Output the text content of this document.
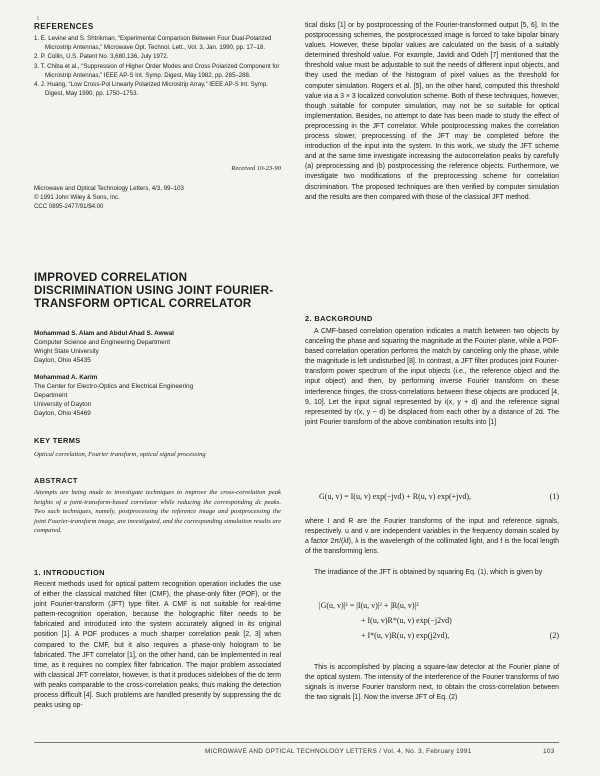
t
REFERENCES

1. E. Levine and S. Shtrikman, “Experimental Comparison Between Four Dual-Polarized Microstrip Antennas,” Microwave Opt. Technol. Lett., Vol. 3, Jan. 1990, pp. 17–18.

2. P. Collin, U.S. Patent No. 3,680,136, July 1972.

3. T. Chiba et al., “Suppression of Higher Order Modes and Cross Polarized Component for Microstrip Antennas,” IEEE AP-S Int. Symp. Digest, May 1982, pp. 285–288.

4. J. Huang, “Low Cross-Pol Linearly Polarized Microstrip Array,” IEEE AP-S Int. Symp. Digest, May 1990, pp. 1750–1753.

Received 10-23-90
Microwave and Optical Technology Letters, 4/3, 99–103
© 1991 John Wiley & Sons, Inc.
CCC 0895-2477/91/$4.00
IMPROVED CORRELATION DISCRIMINATION USING JOINT FOURIER-TRANSFORM OPTICAL CORRELATOR
Mohammad S. Alam and Abdul Ahad S. Awwal
Computer Science and Engineering Department
Wright State University
Dayton, Ohio 45435
Mohammad A. Karim
The Center for Electro-Optics and Electrical Engineering
Department
University of Dayton
Dayton, Ohio 45469
KEY TERMS
Optical correlation, Fourier transform, optical signal processing
ABSTRACT
Attempts are being made to investigate techniques to improve the cross-correlation peak heights of a joint-transform-based correlator while reducing the corresponding dc peaks. Two such techniques, namely, postprocessing the reference image and postprocessing the joint Fourier-transform image, are investigated, and the corresponding simulation results are compared.
1. INTRODUCTION
Recent methods used for optical pattern recognition operation includes the use of either the classical matched filter (CMF), the phase-only filter (POF), or the joint Fourier-transform (JFT) type filter. A CMF is not suitable for real-time pattern-recognition operation, because the holographic filter needs to be fabricated and introduced into the system accurately aligned in its original position [1]. A POF produces a much sharper correlation peak [2, 3] when compared to the CMF, but it also requires a phase-only hologram to be fabricated. The JFT correlator [1], on the other hand, can be implemented in real time, as it requires no complex filter fabrication. The major problem associated with classical JFT correlator, however, is that it produces sidelobes of the dc term with peaks comparable to the cross-correlation peaks, thus making the detection process difficult [4]. Such problems are handled presently by suppressing the dc peaks using op-
tical disks [1] or by postprocessing of the Fourier-transformed output [5, 6]. In the postprocessing schemes, the postprocessed image is forced to take bipolar binary values. However, these bipolar values are calculated on the basis of a suitably determined threshold value. For example, Javidi and Odeh [7] mentioned that the threshold value must be adjustable to suit the needs of different input objects, and they used the median of the histogram of pixel values as the threshold for computer simulation. Rogers et al. [5], on the other hand, computed this threshold value via a 3 × 3 localized convolution scheme. Both of these techniques, however, though suitable for computer simulation, may not be so suitable for optical implementation. Besides, no attempt to date has been made to study the effect of preprocessing in the JFT correlator. While postprocessing makes the correlation process slower, preprocessing of the JFT may be completed before the introduction of the input into the system. In this work, we study the JFT scheme and at the same time investigate increasing the autocorrelation peaks by carefully (a) preprocessing and (b) postprocessing the reference objects. Furthermore, we investigate two modifications of the preprocessing scheme for correlation discrimination. The proposed techniques are then verified by computer simulation and the results are then compared with those of the classical JFT method.
2. BACKGROUND
A CMF-based correlation operation indicates a match between two objects by canceling the phase and squaring the magnitude at the Fourier plane, while a POF-based correlation operation performs the match by canceling only the phase, while the magnitude is left undisturbed [8]. In contrast, a JFT filter produces joint Fourier-transform power spectrum of the input objects (i.e., the reference object and the input object) and then, by performing inverse Fourier transform on these interference fringes, the cross-correlations between these objects are produced [4, 9, 10]. Let the input signal represented by i(x, y + d) and the reference signal represented by r(x, y − d) be displaced from each other by a distance of 2d. The joint Fourier transform of the above combination results into [1]
G(u, v) = I(u, v) exp(−jvd) + R(u, v) exp(+jvd),	(1)
where I and R are the Fourier transforms of the input and reference signals, respectively. u and v are independent variables in the frequency domain scaled by a factor 2π/(λf), λ is the wavelength of the collimated light, and f is the focal length of the transforming lens.
The irradiance of the JFT is obtained by squaring Eq. (1), which is given by
|G(u, v)|² = |I(u, v)|² + |R(u, v)|²
+ I(u, v)R*(u, v) exp(−j2vd)
+ I*(u, v)R(u, v) exp(j2vd),	(2)
This is accomplished by placing a square-law detector at the Fourier plane of the optical system. The intensity of the interference of the Fourier transforms of two signals is inverse Fourier transform next, to obtain the cross-correlation between the two signals [1]. Now the inverse JFT of Eq. (2)
MICROWAVE AND OPTICAL TECHNOLOGY LETTERS / Vol. 4, No. 3, February 1991	103
